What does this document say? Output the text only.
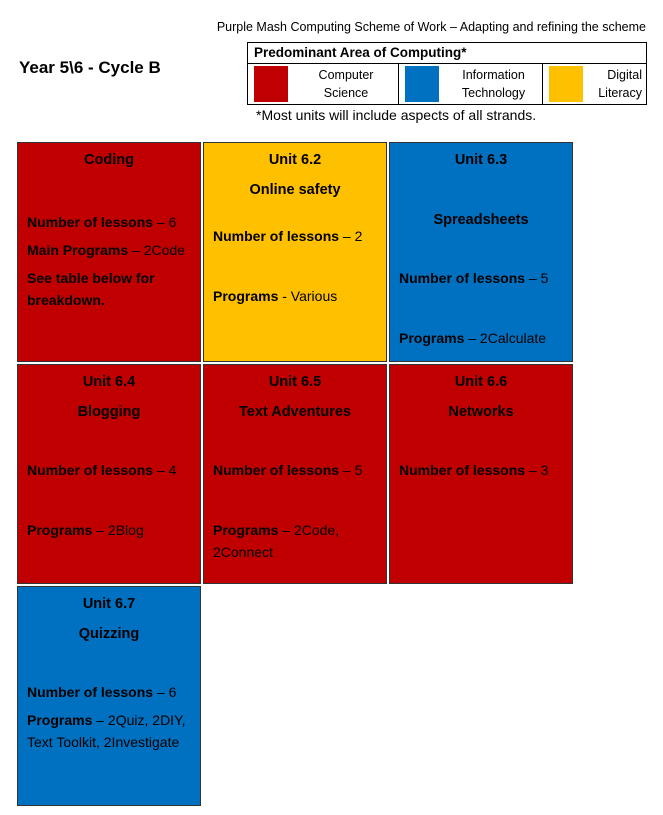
Purple Mash Computing Scheme of Work – Adapting and refining the scheme
Year 5\6 - Cycle B
Predominant Area of Computing*
Computer
Science
Information
Technology
Digital
Literacy
*Most units will include aspects of all strands.
Coding
Number of lessons – 6
Main Programs – 2Code
See table below for breakdown.
Unit 6.2
Online safety
Number of lessons – 2
Programs - Various
Unit 6.3
Spreadsheets
Number of lessons – 5
Programs – 2Calculate
Unit 6.4
Blogging
Number of lessons – 4
Programs – 2Blog
Unit 6.5
Text Adventures
Number of lessons – 5
Programs – 2Code, 2Connect
Unit 6.6
Networks
Number of lessons – 3
Unit 6.7
Quizzing
Number of lessons – 6
Programs – 2Quiz, 2DIY, Text Toolkit, 2Investigate
